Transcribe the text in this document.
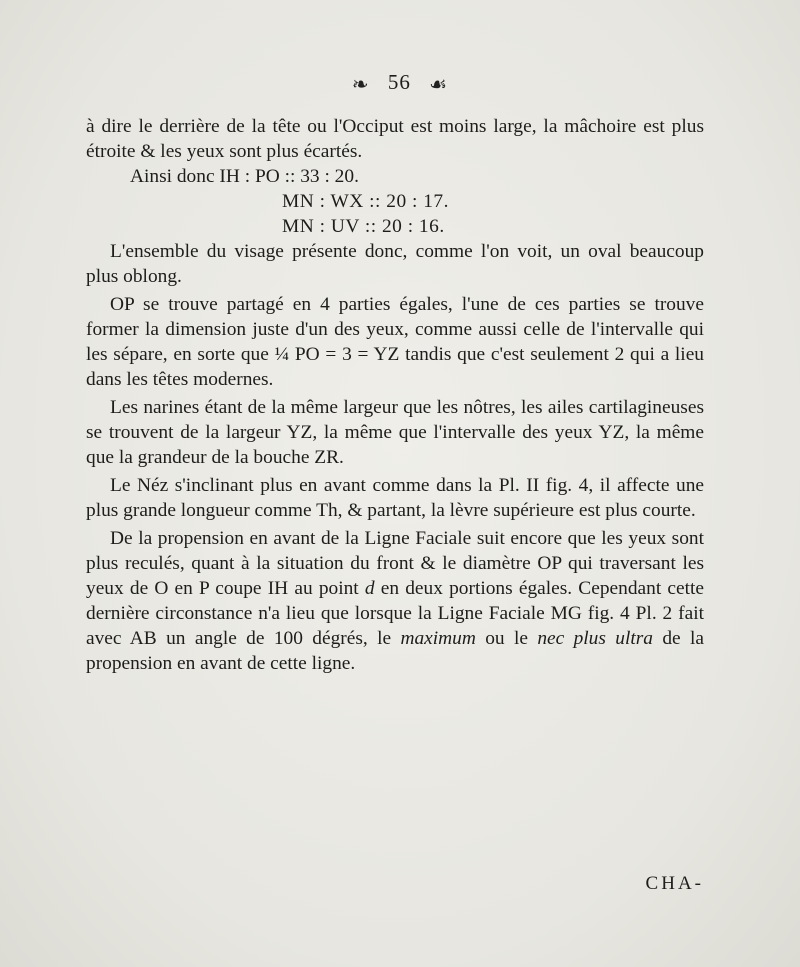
❧ 56 ☙

à dire le derrière de la tête ou l'Occiput est moins large, la mâchoire est plus étroite & les yeux sont plus écartés.

Ainsi donc IH : PO :: 33 : 20.

MN : WX :: 20 : 17.

MN : UV :: 20 : 16.

L'ensemble du visage présente donc, comme l'on voit, un oval beaucoup plus oblong.

OP se trouve partagé en 4 parties égales, l'une de ces parties se trouve former la dimension juste d'un des yeux, comme aussi celle de l'intervalle qui les sépare, en sorte que ¼ PO = 3 = YZ tandis que c'est seulement 2 qui a lieu dans les têtes modernes.

Les narines étant de la même largeur que les nôtres, les ailes cartilagineuses se trouvent de la largeur YZ, la même que l'intervalle des yeux YZ, la même que la grandeur de la bouche ZR.

Le Néz s'inclinant plus en avant comme dans la Pl. II fig. 4, il affecte une plus grande longueur comme Th, & partant, la lèvre supérieure est plus courte.

De la propension en avant de la Ligne Faciale suit encore que les yeux sont plus reculés, quant à la situation du front & le diamètre OP qui traversant les yeux de O en P coupe IH au point d en deux portions égales. Cependant cette dernière circonstance n'a lieu que lorsque la Ligne Faciale MG fig. 4 Pl. 2 fait avec AB un angle de 100 dégrés, le maximum ou le nec plus ultra de la propension en avant de cette ligne.

CHA-
